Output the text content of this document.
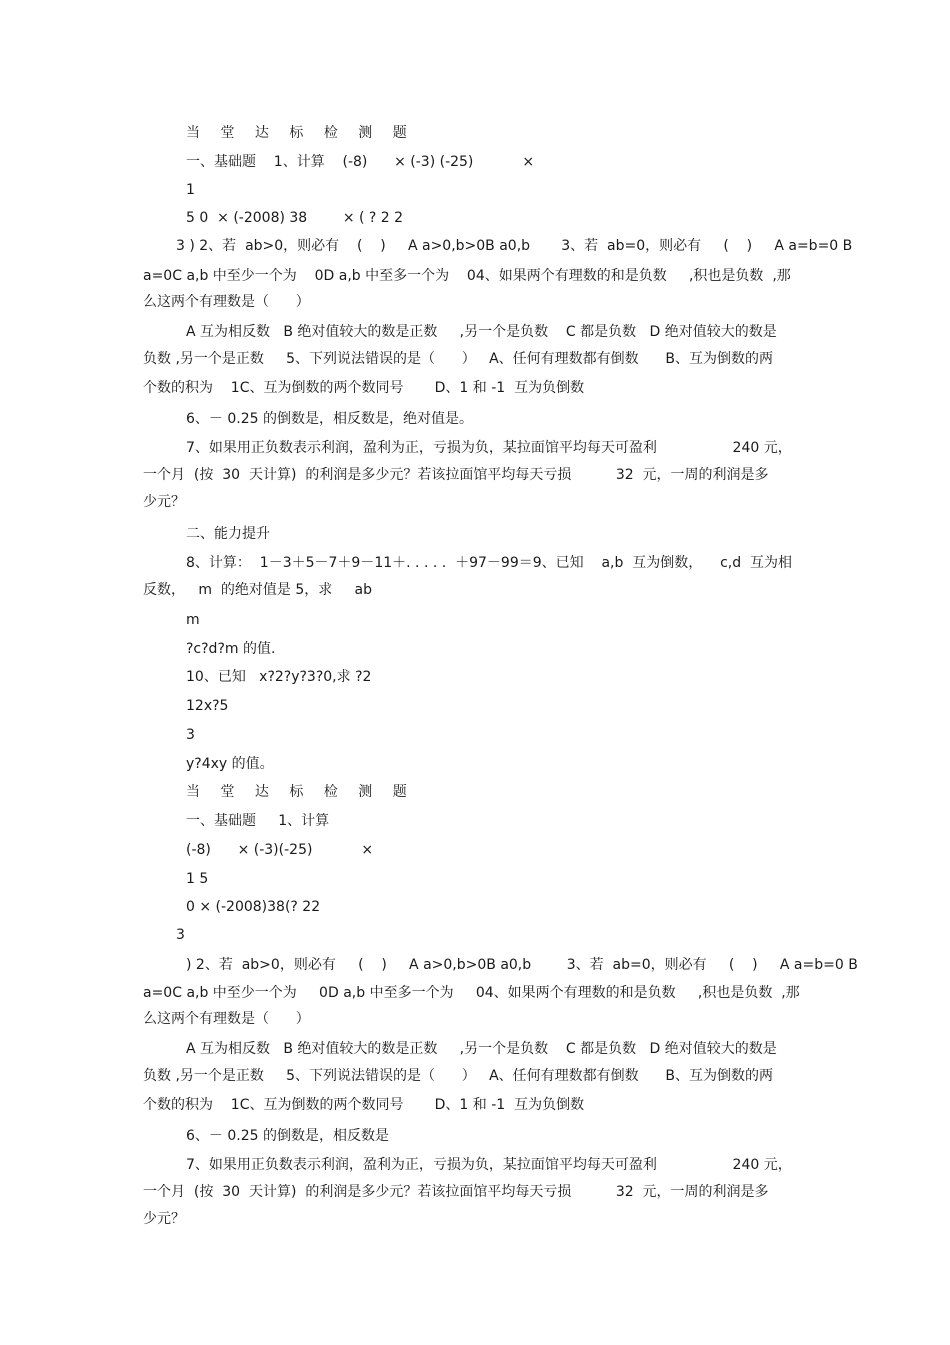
当 堂 达 标 检 测 题
一、基础题    1、计算    (-8)      × (-3) (-25)           ×
1
5 0  × (-2008) 38        × ( ? 2 2
3 ) 2、若  ab>0，则必有    (    )     A a>0,b>0B a0,b       3、若  ab=0，则必有     (    )     A a=b=0 B
a=0C a,b 中至少一个为    0D a,b 中至多一个为    04、如果两个有理数的和是负数     ,积也是负数  ,那
么这两个有理数是（      ）
A 互为相反数   B 绝对值较大的数是正数     ,另一个是负数    C 都是负数   D 绝对值较大的数是
负数 ,另一个是正数     5、下列说法错误的是（      ）   A、任何有理数都有倒数      B、互为倒数的两
个数的积为    1C、互为倒数的两个数同号       D、1 和 -1  互为负倒数
6、－ 0.25 的倒数是，相反数是，绝对值是。
7、如果用正负数表示利润，盈利为正，亏损为负，某拉面馆平均每天可盈利                 240 元，
一个月  (按  30  天计算)  的利润是多少元？若该拉面馆平均每天亏损          32  元，一周的利润是多
少元？
二、能力提升
8、计算：  1－3＋5－7＋9－11＋. . . . .  ＋97－99＝9、已知    a,b  互为倒数，    c,d  互为相
反数，   m  的绝对值是 5，求     ab
m
?c?d?m 的值.
10、已知   x?2?y?3?0,求 ?2
12x?5
3
y?4xy 的值。
当 堂 达 标 检 测 题
一、基础题     1、计算
(-8)      × (-3)(-25)           ×
1 5
0 × (-2008)38(? 22
3
) 2、若  ab>0，则必有     (    )     A a>0,b>0B a0,b        3、若  ab=0，则必有     (    )     A a=b=0 B
a=0C a,b 中至少一个为     0D a,b 中至多一个为     04、如果两个有理数的和是负数     ,积也是负数  ,那
么这两个有理数是（      ）
A 互为相反数   B 绝对值较大的数是正数     ,另一个是负数    C 都是负数   D 绝对值较大的数是
负数 ,另一个是正数     5、下列说法错误的是（      ）   A、任何有理数都有倒数      B、互为倒数的两
个数的积为    1C、互为倒数的两个数同号       D、1 和 -1  互为负倒数
6、－ 0.25 的倒数是，相反数是
7、如果用正负数表示利润，盈利为正，亏损为负，某拉面馆平均每天可盈利                 240 元，
一个月  (按  30  天计算)  的利润是多少元？若该拉面馆平均每天亏损          32  元，一周的利润是多
少元？
